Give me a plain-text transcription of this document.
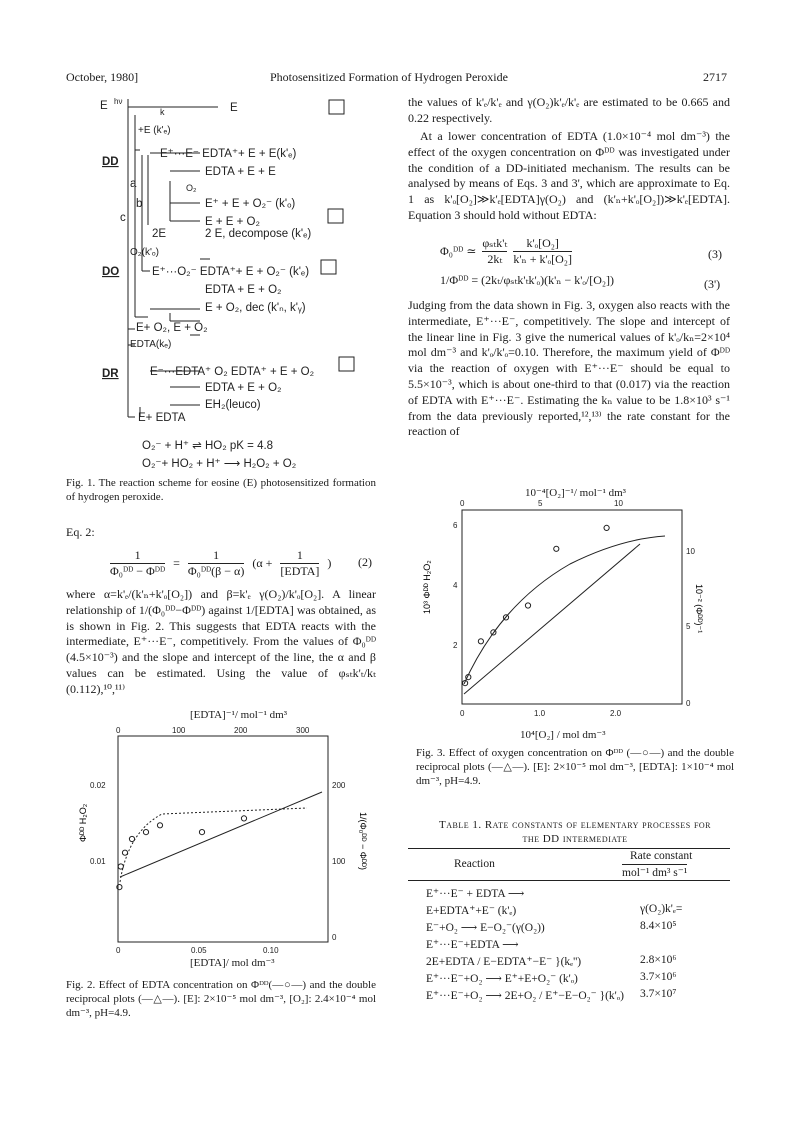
October, 1980]	Photosensitized Formation of Hydrogen Peroxide	2717
E hν
E
k
+E (k'ₑ)
E⁺···E⁻ EDTA⁺+ E + E(k'ₑ)
DD
EDTA + E + E
O₂
E⁺ + E + O₂⁻ (k'ₒ)
E + E + O₂
a
b
c
2E	2 E, decompose (k'ₑ)
O₂(k'ₒ)
E⁺···O₂⁻ EDTA⁺+ E + O₂⁻ (k'ₑ)
DO
EDTA + E + O₂
E + O₂, dec (k'ₙ, k'ᵧ)
E+ O₂, E + O₂
EDTA(kₑ)
DR	E⁻···EDTA⁺ O₂ EDTA⁺ + E + O₂
EDTA + E + O₂
EH₂(leuco)
E+ EDTA
O₂⁻ + H⁺ ⇌ HO₂ pK = 4.8
O₂⁻+ HO₂ + H⁺ ⟶ H₂O₂ + O₂
Fig. 1. The reaction scheme for eosine (E) photosensitized formation of hydrogen peroxide.
Eq. 2:
1
Φ₀ᴰᴰ − Φᴰᴰ
= $\frac{1}{\text{Φ₀ᴰᴰ(β − α)}} (\alpha$ +
1
[EDTA]
) (2)

where α=k'ₑ/(k'ₙ+k'ₒ[O₂]) and β=k'ₑ γ(O₂)/k'ₒ[O₂]. A linear relationship of 1/(Φ₀ᴰᴰ−Φᴰᴰ) against 1/[EDTA] was obtained, as is shown in Fig. 2. This suggests that EDTA reacts with the intermediate, E⁺···E⁻, competitively. From the values of Φ₀ᴰᴰ (4.5×10⁻³) and the slope and intercept of the line, the α and β values can be estimated. Using the value of φₛₜk'ₜ/kₜ (0.112),¹⁰,¹¹⁾

[EDTA]⁻¹/ mol⁻¹ dm³
0	100	200	300
0	0.05	0.10
0.02
0.01
200
100
0
Φᴰᴰ H₂O₂	1/(Φ₀ᴰᴰ − Φᴰᴰ)
[EDTA]/ mol dm⁻³
Fig. 2. Effect of EDTA concentration on Φᴰᴰ(—○—) and the double reciprocal plots (—△—). [E]: 2×10⁻⁵ mol dm⁻³, [O₂]: 2.4×10⁻⁴ mol dm⁻³, pH=4.9.

the values of k'ₑ/k'ₑ and γ(O₂)k'ₑ/k'ₑ are estimated to be 0.665 and 0.22 respectively.

At a lower concentration of EDTA (1.0×10⁻⁴ mol dm⁻³) the effect of the oxygen concentration on Φᴰᴰ was investigated under the condition of a DD-initiated mechanism. The results can be analysed by means of Eqs. 3 and 3', which are approximate to Eq. 1 as k'ₒ[O₂]≫k'ₑ[EDTA]γ(O₂) and (k'ₙ+k'ₒ[O₂])≫k'ₑ[EDTA]. Equation 3 should hold without EDTA:

Φ₀ᴰᴰ ≃
φₛₜk'ₜ
2kₜ
k'ₒ[O₂]
k'ₙ + k'ₒ[O₂]
1/Φᴰᴰ = (2kₜ/φₛₜk'ₜk'ₒ)(k'ₙ − k'ₒ/[O₂])
(3)
(3')

Judging from the data shown in Fig. 3, oxygen also reacts with the intermediate, E⁺···E⁻, competitively. The slope and intercept of the linear line in Fig. 3 give the numerical values of k'ₒ/kₙ=2×10⁴ mol dm⁻³ and k'ₒ/k'ₒ=0.10. Therefore, the maximum yield of Φᴰᴰ via the reaction of oxygen with E⁺···E⁻ should be equal to 5.5×10⁻³, which is about one-third to that (0.017) via the reaction of EDTA with E⁺···E⁻. Estimating the kₙ value to be 1.8×10³ s⁻¹ from the data previously reported,¹²,¹³⁾ the rate constant for the reaction of

10⁻⁴[O₂]⁻¹/ mol⁻¹ dm³
0	5	10
0	1.0	2.0
6
4
2
10
5
0
10³ Φᴰᴰ H₂O₂	10⁻² (Φᴰᴰ)⁻¹
10⁴[O₂] / mol dm⁻³
Fig. 3. Effect of oxygen concentration on Φᴰᴰ (—○—) and the double reciprocal plots (—△—). [E]: 2×10⁻⁵ mol dm⁻³, [EDTA]: 1×10⁻⁴ mol dm⁻³, pH=4.9.
Table 1. Rate constants of elementary processes for the DD intermediate
Reaction
Rate constant
mol⁻¹ dm³ s⁻¹
E⁺···E⁻ + EDTA ⟶
E+EDTA⁺+E⁻ (k'ₑ)	γ(O₂)k'ₑ=
E⁻+O₂ ⟶ E−O₂⁻(γ(O₂))	8.4×10⁵
E⁺···E⁻+EDTA ⟶
2E+EDTA / E−EDTA⁺−E⁻ }(kₑ'')	2.8×10⁶
E⁺···E⁻+O₂ ⟶ E⁺+E+O₂⁻ (k'ₒ)	3.7×10⁶
E⁺···E⁻+O₂ ⟶ 2E+O₂ / E⁺−E−O₂⁻ }(k'ₒ) 3.7×10⁷
